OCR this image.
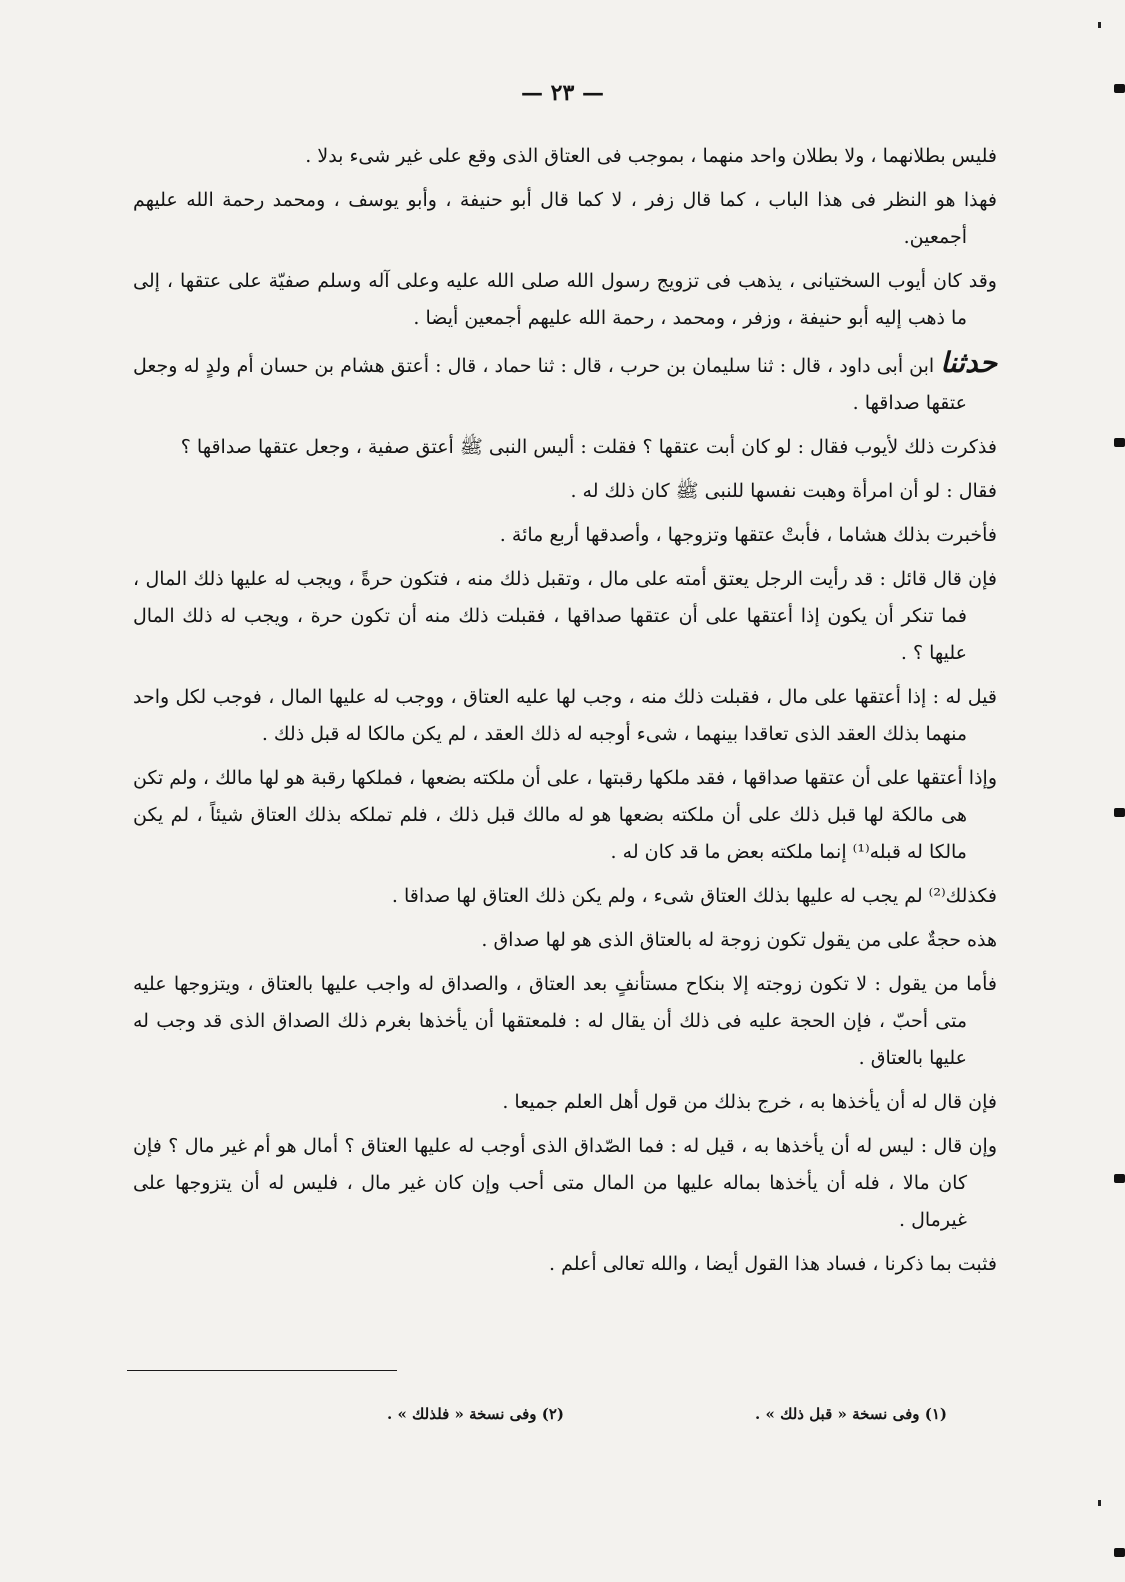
— ٢٣ —

فليس بطلانهما ، ولا بطلان واحد منهما ، بموجب فى العتاق الذى وقع على غير شىء بدلا .

فهذا هو النظر فى هذا الباب ، كما قال زفر ، لا كما قال أبو حنيفة ، وأبو يوسف ، ومحمد رحمة الله عليهم أجمعين.

وقد كان أيوب السختيانى ، يذهب فى تزويج رسول الله صلى الله عليه وعلى آله وسلم صفيّة على عتقها ، إلى ما ذهب إليه أبو حنيفة ، وزفر ، ومحمد ، رحمة الله عليهم أجمعين أيضا .

حدثناابن أبى داود ، قال : ثنا سليمان بن حرب ، قال : ثنا حماد ، قال : أعتق هشام بن حسان أم ولدٍ له وجعل عتقها صداقها .

فذكرت ذلك لأيوب فقال : لو كان أبت عتقها ؟ فقلت : أليس النبى ﷺ أعتق صفية ، وجعل عتقها صداقها ؟

فقال : لو أن امرأة وهبت نفسها للنبى ﷺ كان ذلك له .

فأخبرت بذلك هشاما ، فأبتْ عتقها وتزوجها ، وأصدقها أربع مائة .

فإن قال قائل : قد رأيت الرجل يعتق أمته على مال ، وتقبل ذلك منه ، فتكون حرةً ، ويجب له عليها ذلك المال ، فما تنكر أن يكون إذا أعتقها على أن عتقها صداقها ، فقبلت ذلك منه أن تكون حرة ، ويجب له ذلك المال عليها ؟ .

قيل له : إذا أعتقها على مال ، فقبلت ذلك منه ، وجب لها عليه العتاق ، ووجب له عليها المال ، فوجب لكل واحد منهما بذلك العقد الذى تعاقدا بينهما ، شىء أوجبه له ذلك العقد ، لم يكن مالكا له قبل ذلك .

وإذا أعتقها على أن عتقها صداقها ، فقد ملكها رقبتها ، على أن ملكته بضعها ، فملكها رقبة هو لها مالك ، ولم تكن هى مالكة لها قبل ذلك على أن ملكته بضعها هو له مالك قبل ذلك ، فلم تملكه بذلك العتاق شيئاً ، لم يكن مالكا له قبله⁽¹⁾ إنما ملكته بعض ما قد كان له .

فكذلك⁽²⁾ لم يجب له عليها بذلك العتاق شىء ، ولم يكن ذلك العتاق لها صداقا .

هذه حجةٌ على من يقول تكون زوجة له بالعتاق الذى هو لها صداق .

فأما من يقول : لا تكون زوجته إلا بنكاح مستأنفٍ بعد العتاق ، والصداق له واجب عليها بالعتاق ، ويتزوجها عليه متى أحبّ ، فإن الحجة عليه فى ذلك أن يقال له : فلمعتقها أن يأخذها بغرم ذلك الصداق الذى قد وجب له عليها بالعتاق .

فإن قال له أن يأخذها به ، خرج بذلك من قول أهل العلم جميعا .

وإن قال : ليس له أن يأخذها به ، قيل له : فما الصّداق الذى أوجب له عليها العتاق ؟ أمال هو أم غير مال ؟ فإن كان مالا ، فله أن يأخذها بماله عليها من المال متى أحب وإن كان غير مال ، فليس له أن يتزوجها على غيرمال .

فثبت بما ذكرنا ، فساد هذا القول أيضا ، والله تعالى أعلم .

(١) وفى نسخة « قبل ذلك » .
(٢) وفى نسخة « فلذلك » .
